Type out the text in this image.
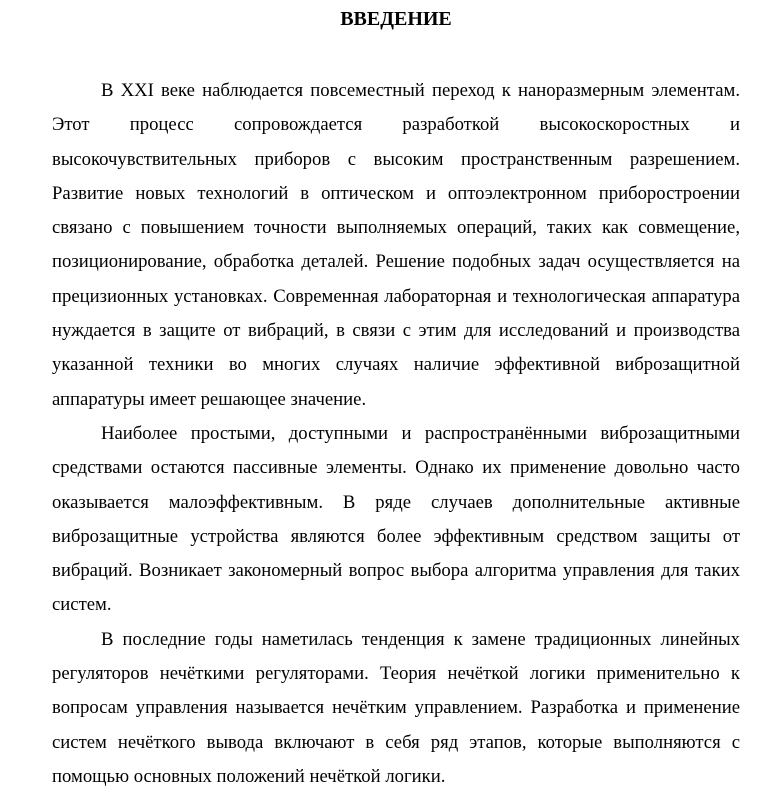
ВВЕДЕНИЕ

В XXI веке наблюдается повсеместный переход к наноразмерным элементам. Этот процесс сопровождается разработкой высокоскоростных и высокочувствительных приборов с высоким пространственным разрешением. Развитие новых технологий в оптическом и оптоэлектронном приборостроении связано с повышением точности выполняемых операций, таких как совмещение, позиционирование, обработка деталей. Решение подобных задач осуществляется на прецизионных установках. Современная лабораторная и технологическая аппаратура нуждается в защите от вибраций, в связи с этим для исследований и производства указанной техники во многих случаях наличие эффективной виброзащитной аппаратуры имеет решающее значение.

Наиболее простыми, доступными и распространёнными виброзащитными средствами остаются пассивные элементы. Однако их применение довольно часто оказывается малоэффективным. В ряде случаев дополнительные активные виброзащитные устройства являются более эффективным средством защиты от вибраций. Возникает закономерный вопрос выбора алгоритма управления для таких систем.

В последние годы наметилась тенденция к замене традиционных линейных регуляторов нечёткими регуляторами. Теория нечёткой логики применительно к вопросам управления называется нечётким управлением. Разработка и применение систем нечёткого вывода включают в себя ряд этапов, которые выполняются с помощью основных положений нечёткой логики.
